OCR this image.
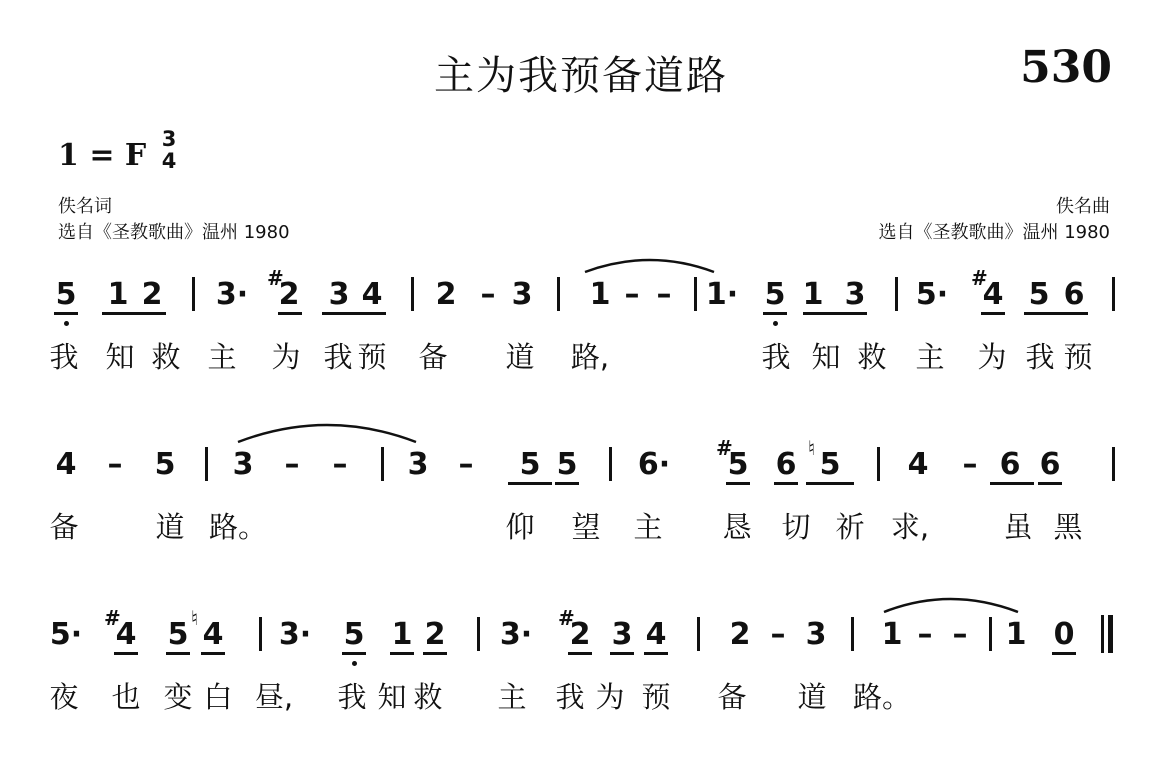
主为我预备道路	530
1 = F 3
4
佚名词
选自《圣教歌曲》温州 1980
佚名曲
选自《圣教歌曲》温州 1980
5 1 2 3· 2
# 3 4 2 – 3 1 – – 1· 5 1 3 5· 4
# 5 6
我 知 救 主 为 我 预 备 道 路,	我 知 救 主 为 我 预
4 – 5 3 – – 3 – 5 5 6· 5
# 6 5
♮	4 – 6 6
备	道 路。	仰 望 主 恳 切 祈 求,	虽 黑
5· 4
# 5 4
♮	3· 5 1 2 3· 2
# 3 4 2 – 3 1 – – 1 0
夜 也 变 白 昼, 我 知 救 主 我 为 预 备 道 路。
